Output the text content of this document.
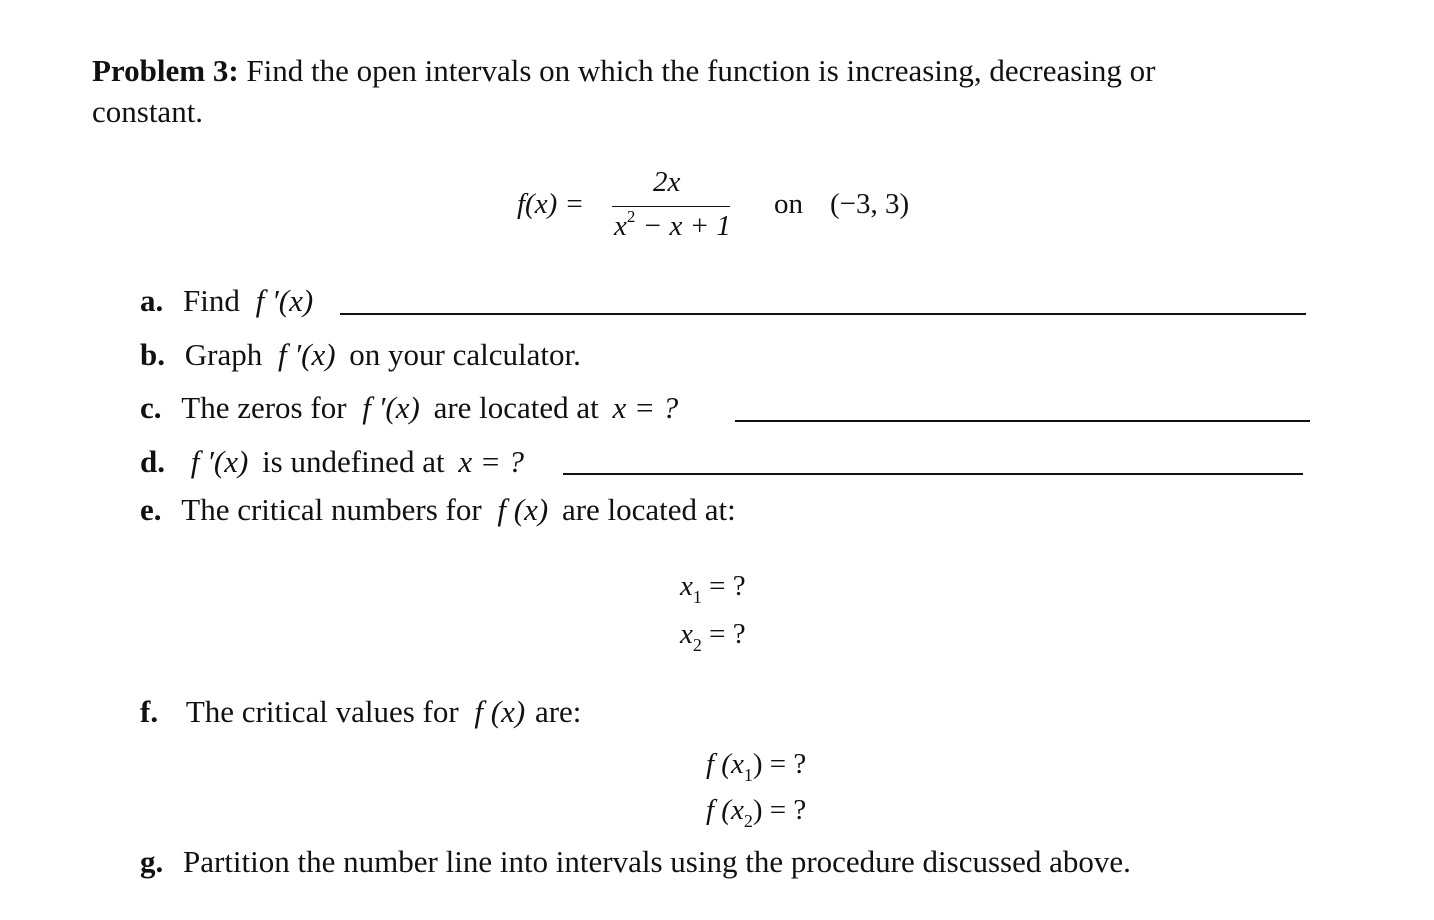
Problem 3: Find the open intervals on which the function is increasing, decreasing or
constant.
f(x) =
2x
$x^2 - x + 1$
on (−3, 3)
a. Find f ′(x)
b. Graph f ′(x) on your calculator.
c. The zeros for f ′(x) are located at x = ?
d. f ′(x) is undefined at x = ?
e. The critical numbers for f (x) are located at:
$x_1$ = ?
$x_2$ = ?
f. The critical values for f (x) are:
f $(x_1)$ = ?
f $(x_2)$ = ?
g. Partition the number line into intervals using the procedure discussed above.
